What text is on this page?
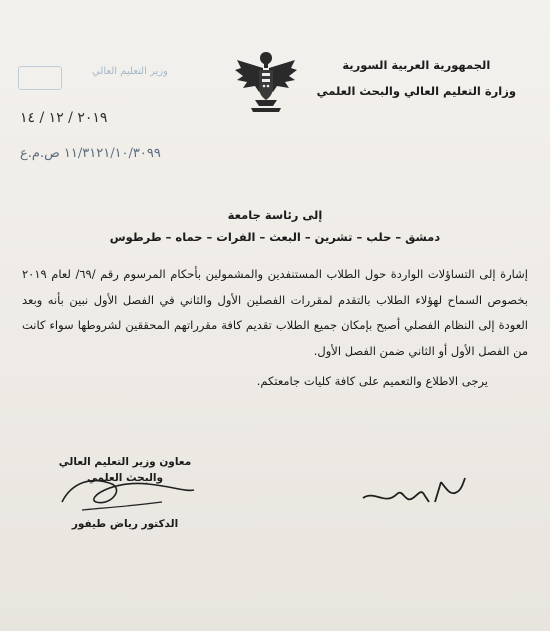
وزير التعليم العالي	الجمهورية العربية السورية
وزارة التعليم العالي والبحث العلمي
٢٠١٩ / ١٢ / ١٤
١١/٣١٢١/١٠/٣٠٩٩ ص.م.ع
إلى رئاسة جامعة
دمشق – حلب – تشرين – البعث – الفرات – حماه – طرطوس

إشارة إلى التساؤلات الواردة حول الطلاب المستنفدين والمشمولين بأحكام المرسوم رقم /٦٩/ لعام ٢٠١٩ بخصوص السماح لهؤلاء الطلاب بالتقدم لمقررات الفصلين الأول والثاني في الفصل الأول نبين بأنه وبعد العودة إلى النظام الفصلي أصبح بإمكان جميع الطلاب تقديم كافة مقرراتهم المحققين لشروطها سواء كانت من الفصل الأول أو الثاني ضمن الفصل الأول.

يرجى الاطلاع والتعميم على كافة كليات جامعتكم.
معاون وزير التعليم العالي
والبحث العلمي
الدكتور رياض طيفور
